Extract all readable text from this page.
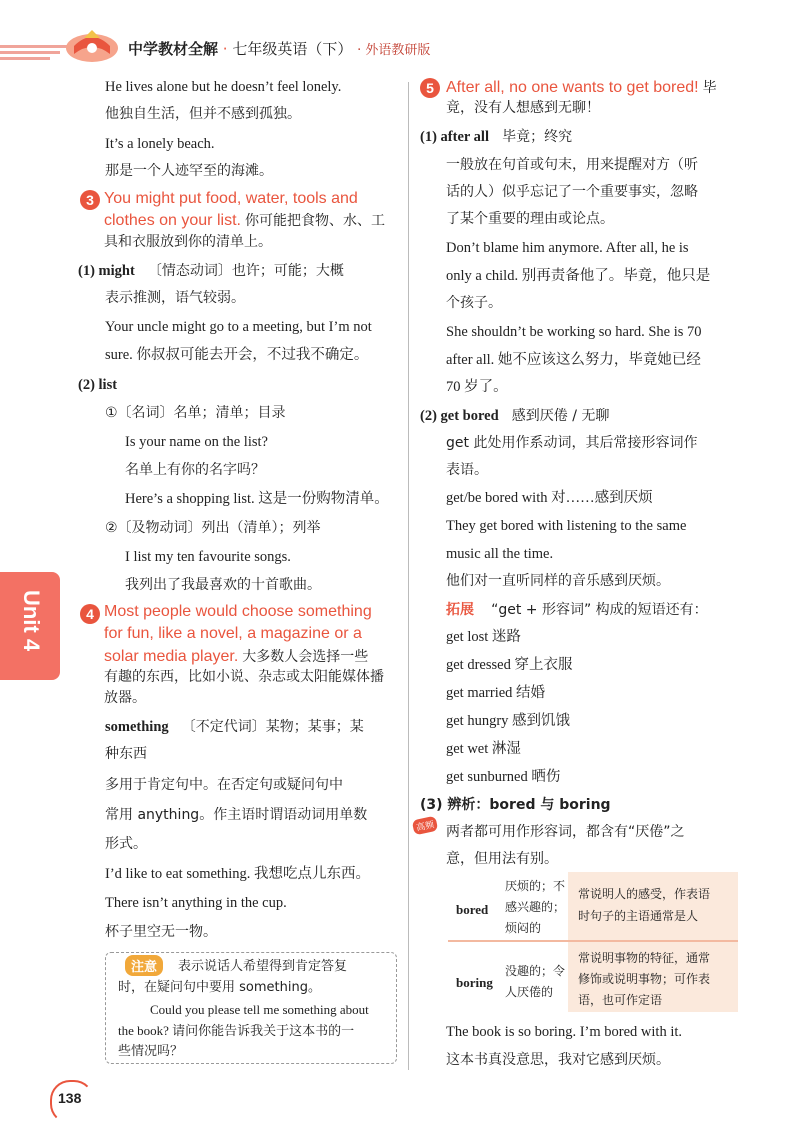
中学教材全解 · 七年级英语（下） · 外语教研版
Unit 4
He lives alone but he doesn’t feel lonely.
他独自生活，但并不感到孤独。
It’s a lonely beach.
那是一个人迹罕至的海滩。
3 You might put food, water, tools and
clothes on your list. 你可能把食物、水、工
具和衣服放到你的清单上。
(1) might 〔情态动词〕也许；可能；大概
表示推测，语气较弱。
Your uncle might go to a meeting, but I’m not
sure. 你叔叔可能去开会，不过我不确定。
(2) list
①〔名词〕名单；清单；目录
Is your name on the list?
名单上有你的名字吗？
Here’s a shopping list. 这是一份购物清单。
②〔及物动词〕列出（清单）；列举
I list my ten favourite songs.
我列出了我最喜欢的十首歌曲。
4 Most people would choose something
for fun, like a novel, a magazine or a
solar media player. 大多数人会选择一些
有趣的东西，比如小说、杂志或太阳能媒体播
放器。
something 〔不定代词〕某物；某事；某
种东西
多用于肯定句中。在否定句或疑问句中
常用 anything。作主语时谓语动词用单数
形式。
I’d like to eat something. 我想吃点儿东西。
There isn’t anything in the cup.
杯子里空无一物。
注意	表示说话人希望得到肯定答复
时，在疑问句中要用 something。
Could you please tell me something about
the book? 请问你能告诉我关于这本书的一
些情况吗？
5 After all, no one wants to get bored! 毕
竟，没有人想感到无聊！
(1) after all 毕竟；终究
一般放在句首或句末，用来提醒对方（听
话的人）似乎忘记了一个重要事实，忽略
了某个重要的理由或论点。
Don’t blame him anymore. After all, he is
only a child. 别再责备他了。毕竟，他只是
个孩子。
She shouldn’t be working so hard. She is 70
after all. 她不应该这么努力，毕竟她已经
70 岁了。
(2) get bored 感到厌倦 / 无聊
get 此处用作系动词，其后常接形容词作
表语。
get/be bored with 对……感到厌烦
They get bored with listening to the same
music all the time.
他们对一直听同样的音乐感到厌烦。
拓展 “get + 形容词” 构成的短语还有：
get lost 迷路
get dressed 穿上衣服
get married 结婚
get hungry 感到饥饿
get wet 淋湿
get sunburned 晒伤
(3) 辨析：bored 与 boring
高频 两者都可用作形容词，都含有“厌倦”之
意，但用法有别。
bored
厌烦的；不
感兴趣的；
烦闷的
常说明人的感受，作表语
时句子的主语通常是人
boring
没趣的；令
人厌倦的
常说明事物的特征，通常
修饰或说明事物；可作表
语，也可作定语
The book is so boring. I’m bored with it.
这本书真没意思，我对它感到厌烦。
138
